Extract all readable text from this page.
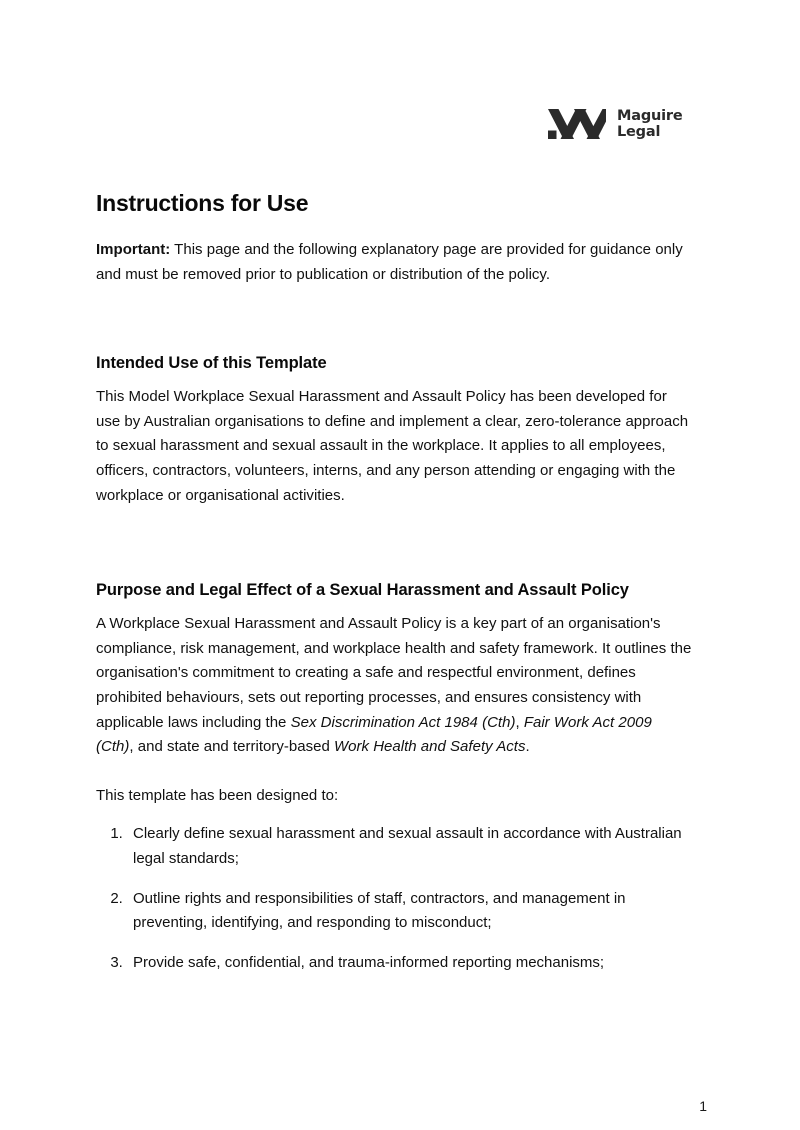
Maguire
Legal
Instructions for Use

Important: This page and the following explanatory page are provided for guidance only and must be removed prior to publication or distribution of the policy.

Intended Use of this Template

This Model Workplace Sexual Harassment and Assault Policy has been developed for use by Australian organisations to define and implement a clear, zero-tolerance approach to sexual harassment and sexual assault in the workplace. It applies to all employees, officers, contractors, volunteers, interns, and any person attending or engaging with the workplace or organisational activities.

Purpose and Legal Effect of a Sexual Harassment and Assault Policy

A Workplace Sexual Harassment and Assault Policy is a key part of an organisation's compliance, risk management, and workplace health and safety framework. It outlines the organisation's commitment to creating a safe and respectful environment, defines prohibited behaviours, sets out reporting processes, and ensures consistency with applicable laws including the Sex Discrimination Act 1984 (Cth), Fair Work Act 2009 (Cth), and state and territory-based Work Health and Safety Acts.

This template has been designed to:

1. Clearly define sexual harassment and sexual assault in accordance with Australian legal standards;
2. Outline rights and responsibilities of staff, contractors, and management in preventing, identifying, and responding to misconduct;
3. Provide safe, confidential, and trauma-informed reporting mechanisms;
1
